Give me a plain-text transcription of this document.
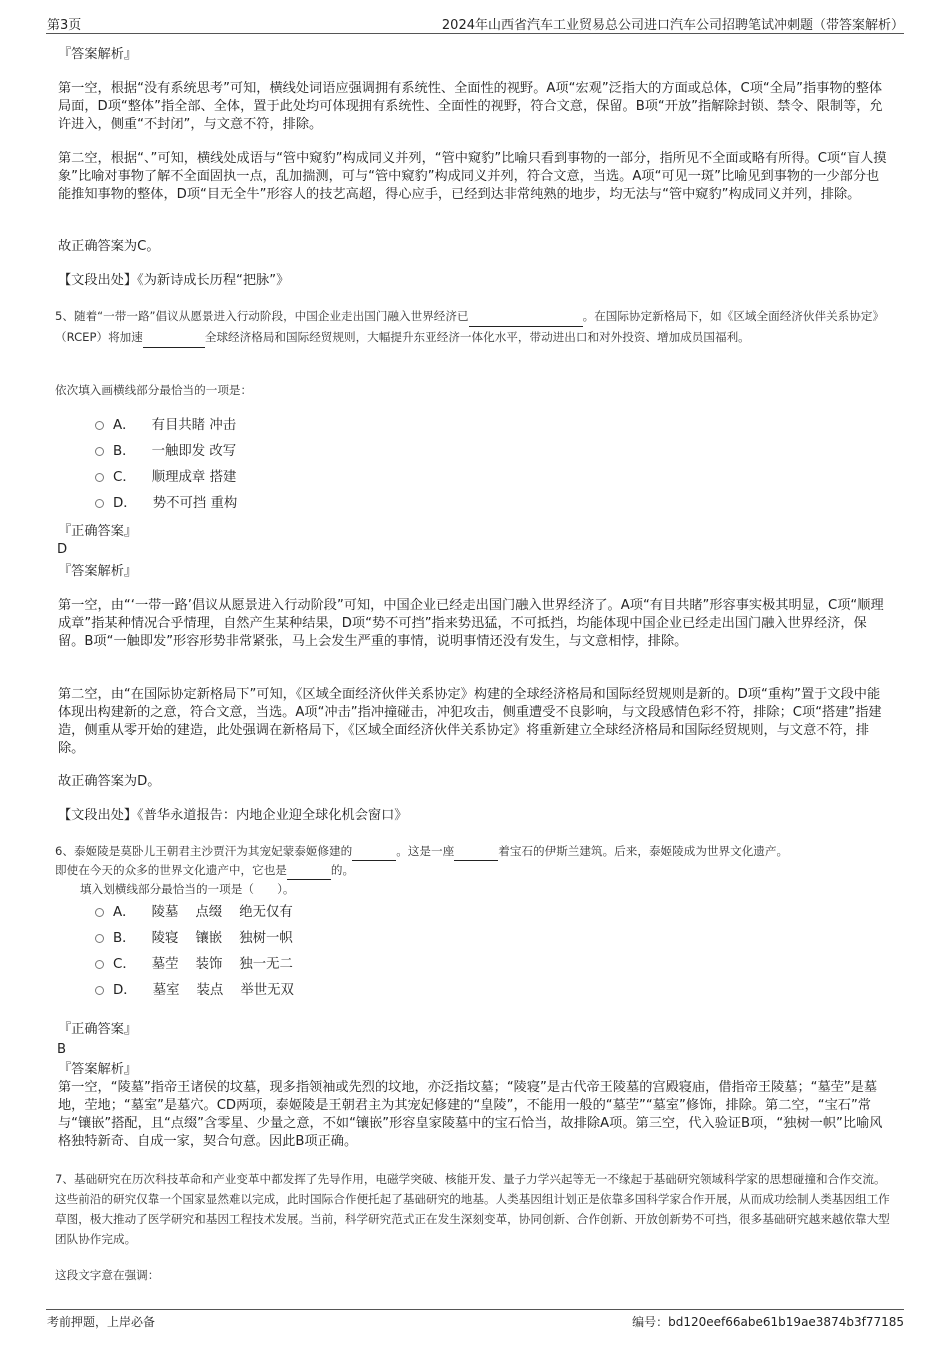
第3页	2024年山西省汽车工业贸易总公司进口汽车公司招聘笔试冲刺题（带答案解析）

『答案解析』

第一空，根据“没有系统思考”可知，横线处词语应强调拥有系统性、全面性的视野。A项“宏观”泛指大的方面或总体，C项“全局”指事物的整体局面，D项“整体”指全部、全体，置于此处均可体现拥有系统性、全面性的视野，符合文意，保留。B项“开放”指解除封锁、禁令、限制等，允许进入，侧重“不封闭”，与文意不符，排除。

第二空，根据“、”可知，横线处成语与“管中窥豹”构成同义并列，“管中窥豹”比喻只看到事物的一部分，指所见不全面或略有所得。C项“盲人摸象”比喻对事物了解不全面固执一点，乱加揣测，可与“管中窥豹”构成同义并列，符合文意，当选。A项“可见一斑”比喻见到事物的一少部分也能推知事物的整体，D项“目无全牛”形容人的技艺高超，得心应手，已经到达非常纯熟的地步，均无法与“管中窥豹”构成同义并列，排除。

故正确答案为C。

【文段出处】《为新诗成长历程“把脉”》

5、随着“一带一路”倡议从愿景进入行动阶段，中国企业走出国门融入世界经济已	。在国际协定新格局下，如《区域全面经济伙伴关系协定》（RCEP）将加速	全球经济格局和国际经贸规则，大幅提升东亚经济一体化水平，带动进出口和对外投资、增加成员国福利。

依次填入画横线部分最恰当的一项是：

A． 有目共睹 冲击
B． 一触即发 改写
C． 顺理成章 搭建
D． 势不可挡 重构

『正确答案』

D

『答案解析』

第一空，由“‘一带一路’倡议从愿景进入行动阶段”可知，中国企业已经走出国门融入世界经济了。A项“有目共睹”形容事实极其明显，C项“顺理成章”指某种情况合乎情理，自然产生某种结果，D项“势不可挡”指来势迅猛，不可抵挡，均能体现中国企业已经走出国门融入世界经济，保留。B项“一触即发”形容形势非常紧张，马上会发生严重的事情，说明事情还没有发生，与文意相悖，排除。

第二空，由“在国际协定新格局下”可知，《区域全面经济伙伴关系协定》构建的全球经济格局和国际经贸规则是新的。D项“重构”置于文段中能体现出构建新的之意，符合文意，当选。A项“冲击”指冲撞碰击，冲犯攻击，侧重遭受不良影响，与文段感情色彩不符，排除；C项“搭建”指建造，侧重从零开始的建造，此处强调在新格局下，《区域全面经济伙伴关系协定》将重新建立全球经济格局和国际经贸规则，与文意不符，排除。

故正确答案为D。

【文段出处】《普华永道报告：内地企业迎全球化机会窗口》

6、泰姬陵是莫卧儿王朝君主沙贾汗为其宠妃蒙泰姬修建的	。这是一座	着宝石的伊斯兰建筑。后来，泰姬陵成为世界文化遗产。

即使在今天的众多的世界文化遗产中，它也是	的。

填入划横线部分最恰当的一项是（　　）。

A． 陵墓 点缀 绝无仅有
B． 陵寝 镶嵌 独树一帜
C． 墓茔 装饰 独一无二
D． 墓室 装点 举世无双

『正确答案』

B

『答案解析』

第一空，“陵墓”指帝王诸侯的坟墓，现多指领袖或先烈的坟地，亦泛指坟墓；“陵寝”是古代帝王陵墓的宫殿寝庙，借指帝王陵墓；“墓茔”是墓地，茔地；“墓室”是墓穴。CD两项，泰姬陵是王朝君主为其宠妃修建的“皇陵”，不能用一般的“墓茔”“墓室”修饰，排除。第二空，“宝石”常与“镶嵌”搭配，且“点缀”含零星、少量之意，不如“镶嵌”形容皇家陵墓中的宝石恰当，故排除A项。第三空，代入验证B项，“独树一帜”比喻风格独特新奇、自成一家，契合句意。因此B项正确。

7、基础研究在历次科技革命和产业变革中都发挥了先导作用，电磁学突破、核能开发、量子力学兴起等无一不缘起于基础研究领域科学家的思想碰撞和合作交流。这些前沿的研究仅靠一个国家显然难以完成，此时国际合作便托起了基础研究的地基。人类基因组计划正是依靠多国科学家合作开展，从而成功绘制人类基因组工作草图，极大推动了医学研究和基因工程技术发展。当前，科学研究范式正在发生深刻变革，协同创新、合作创新、开放创新势不可挡，很多基础研究越来越依靠大型团队协作完成。

这段文字意在强调：

考前押题，上岸必备	编号：bd120eef66abe61b19ae3874b3f77185
